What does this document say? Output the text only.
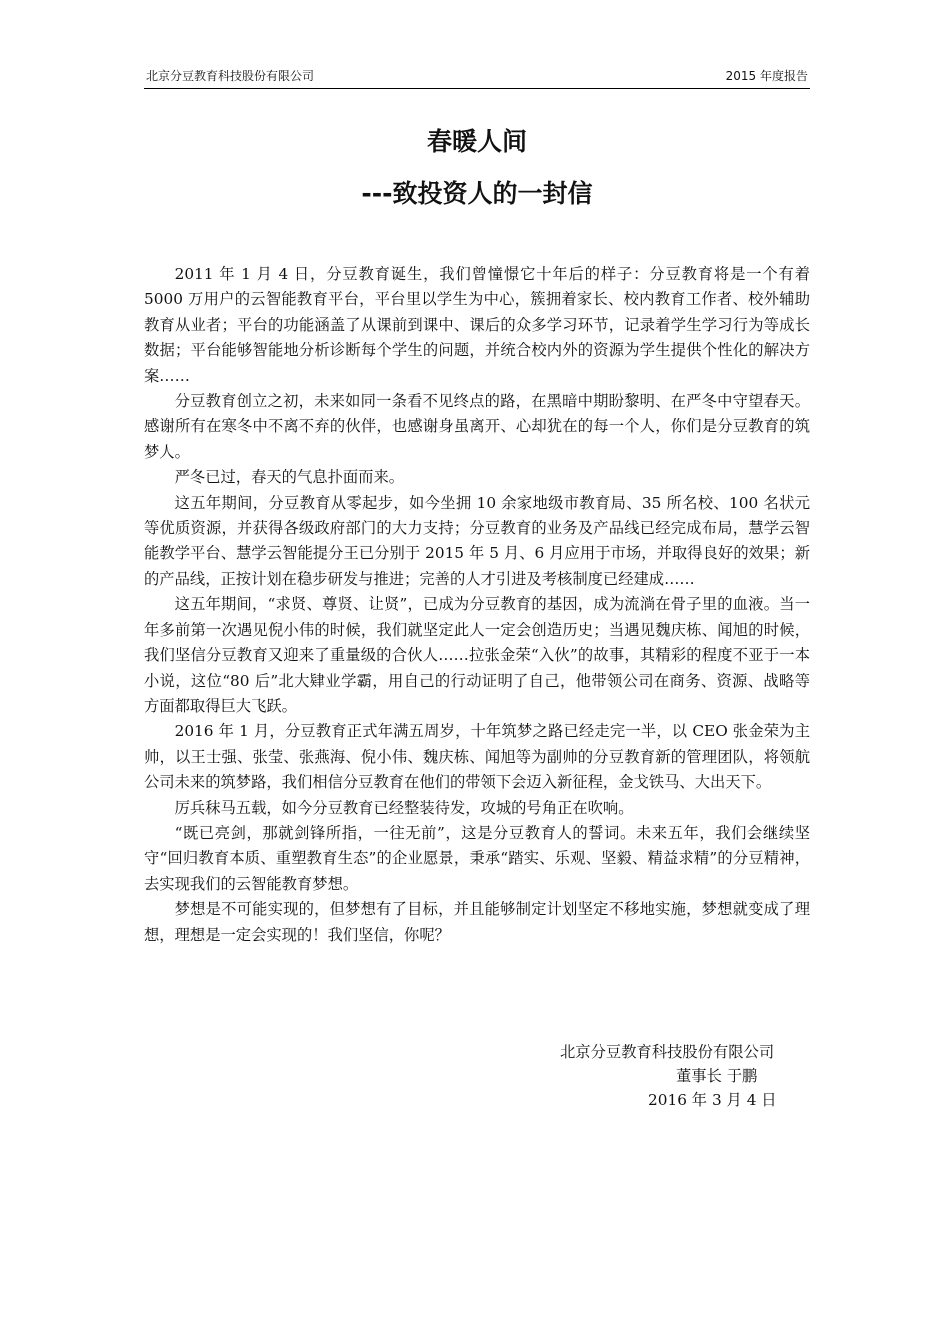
北京分豆教育科技股份有限公司	2015 年度报告
春暖人间
---致投资人的一封信

2011 年 1 月 4 日，分豆教育诞生，我们曾憧憬它十年后的样子：分豆教育将是一个有着 5000 万用户的云智能教育平台，平台里以学生为中心，簇拥着家长、校内教育工作者、校外辅助教育从业者；平台的功能涵盖了从课前到课中、课后的众多学习环节，记录着学生学习行为等成长数据；平台能够智能地分析诊断每个学生的问题，并统合校内外的资源为学生提供个性化的解决方案……

分豆教育创立之初，未来如同一条看不见终点的路，在黑暗中期盼黎明、在严冬中守望春天。感谢所有在寒冬中不离不弃的伙伴，也感谢身虽离开、心却犹在的每一个人，你们是分豆教育的筑梦人。

严冬已过，春天的气息扑面而来。

这五年期间，分豆教育从零起步，如今坐拥 10 余家地级市教育局、35 所名校、100 名状元等优质资源，并获得各级政府部门的大力支持；分豆教育的业务及产品线已经完成布局，慧学云智能教学平台、慧学云智能提分王已分别于 2015 年 5 月、6 月应用于市场，并取得良好的效果；新的产品线，正按计划在稳步研发与推进；完善的人才引进及考核制度已经建成……

这五年期间，“求贤、尊贤、让贤”，已成为分豆教育的基因，成为流淌在骨子里的血液。当一年多前第一次遇见倪小伟的时候，我们就坚定此人一定会创造历史；当遇见魏庆栋、闻旭的时候，我们坚信分豆教育又迎来了重量级的合伙人……拉张金荣“入伙”的故事，其精彩的程度不亚于一本小说，这位“80 后”北大肄业学霸，用自己的行动证明了自己，他带领公司在商务、资源、战略等方面都取得巨大飞跃。

2016 年 1 月，分豆教育正式年满五周岁，十年筑梦之路已经走完一半，以 CEO 张金荣为主帅，以王士强、张莹、张燕海、倪小伟、魏庆栋、闻旭等为副帅的分豆教育新的管理团队，将领航公司未来的筑梦路，我们相信分豆教育在他们的带领下会迈入新征程，金戈铁马、大出天下。

厉兵秣马五载，如今分豆教育已经整装待发，攻城的号角正在吹响。

“既已亮剑，那就剑锋所指，一往无前”，这是分豆教育人的誓词。未来五年，我们会继续坚守“回归教育本质、重塑教育生态”的企业愿景，秉承“踏实、乐观、坚毅、精益求精”的分豆精神，去实现我们的云智能教育梦想。

梦想是不可能实现的，但梦想有了目标，并且能够制定计划坚定不移地实施，梦想就变成了理想，理想是一定会实现的！我们坚信，你呢？

北京分豆教育科技股份有限公司
董事长 于鹏
2016 年 3 月 4 日
